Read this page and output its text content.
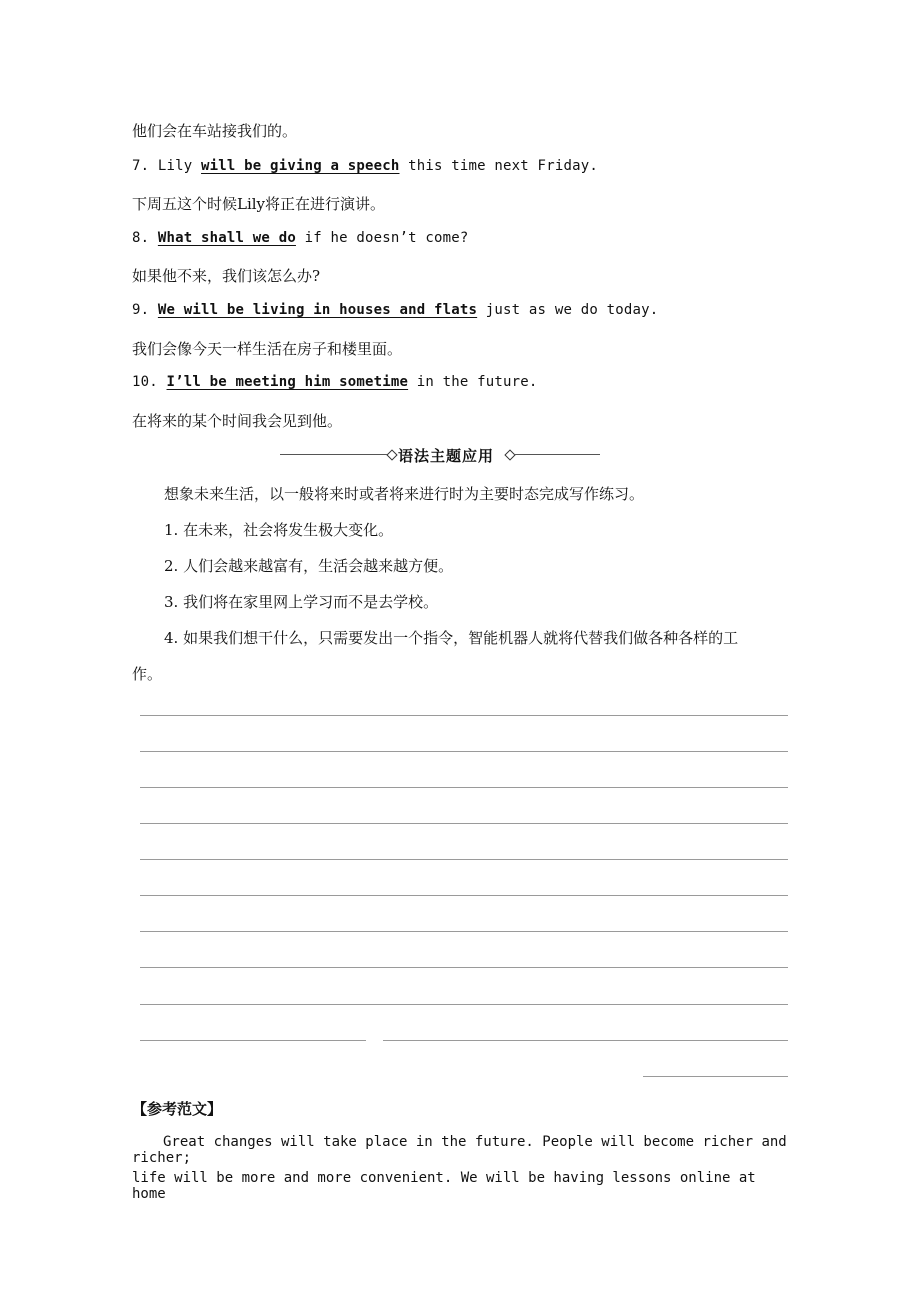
他们会在车站接我们的。
7. Lily will be giving a speech this time next Friday.
下周五这个时候Lily将正在进行演讲。
8. What shall we do if he doesn’t come?
如果他不来，我们该怎么办?
9. We will be living in houses and flats just as we do today.
我们会像今天一样生活在房子和楼里面。
10. I’ll be meeting him sometime in the future.
在将来的某个时间我会见到他。
语法主题应用
想象未来生活，以一般将来时或者将来进行时为主要时态完成写作练习。
1. 在未来，社会将发生极大变化。
2. 人们会越来越富有，生活会越来越方便。
3. 我们将在家里网上学习而不是去学校。
4. 如果我们想干什么，只需要发出一个指令，智能机器人就将代替我们做各种各样的工
作。
【参考范文】
Great changes will take place in the future. People will become richer and richer;
life will be more and more convenient. We will be having lessons online at home
